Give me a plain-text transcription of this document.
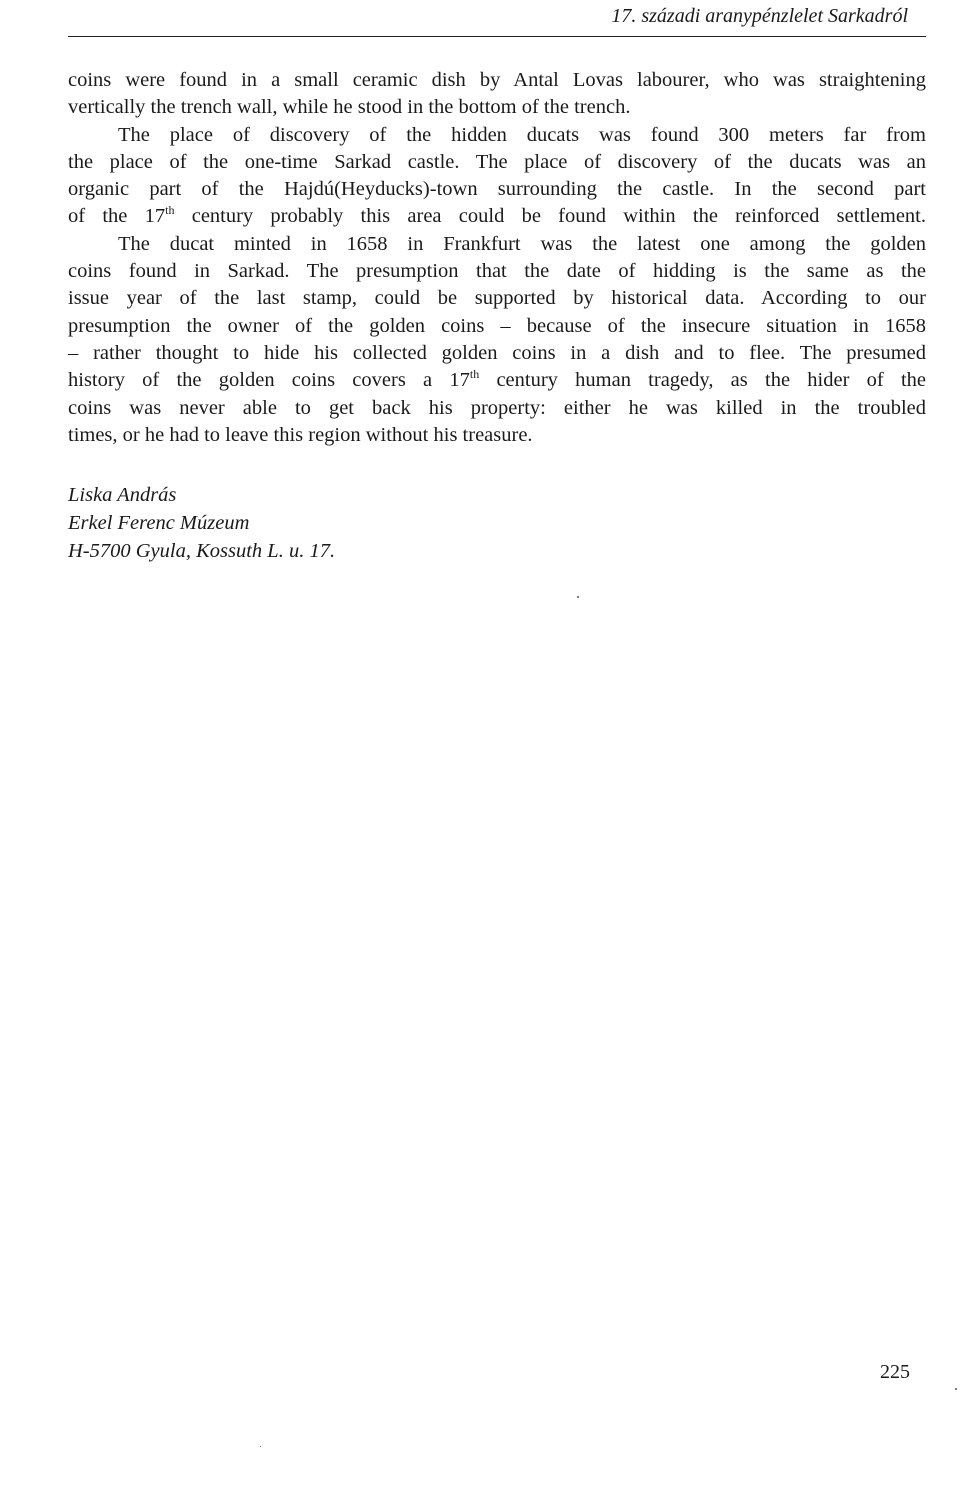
17. századi aranypénzlelet Sarkadról
coins were found in a small ceramic dish by Antal Lovas labourer, who was straightening
vertically the trench wall, while he stood in the bottom of the trench.
The place of discovery of the hidden ducats was found 300 meters far from
the place of the one-time Sarkad castle. The place of discovery of the ducats was an
organic part of the Hajdú(Heyducks)-town surrounding the castle. In the second part
of the 17th century probably this area could be found within the reinforced settlement.
The ducat minted in 1658 in Frankfurt was the latest one among the golden
coins found in Sarkad. The presumption that the date of hidding is the same as the
issue year of the last stamp, could be supported by historical data. According to our
presumption the owner of the golden coins – because of the insecure situation in 1658
– rather thought to hide his collected golden coins in a dish and to flee. The presumed
history of the golden coins covers a 17th century human tragedy, as the hider of the
coins was never able to get back his property: either he was killed in the troubled
times, or he had to leave this region without his treasure.
Liska András
Erkel Ferenc Múzeum
H-5700 Gyula, Kossuth L. u. 17.
225
